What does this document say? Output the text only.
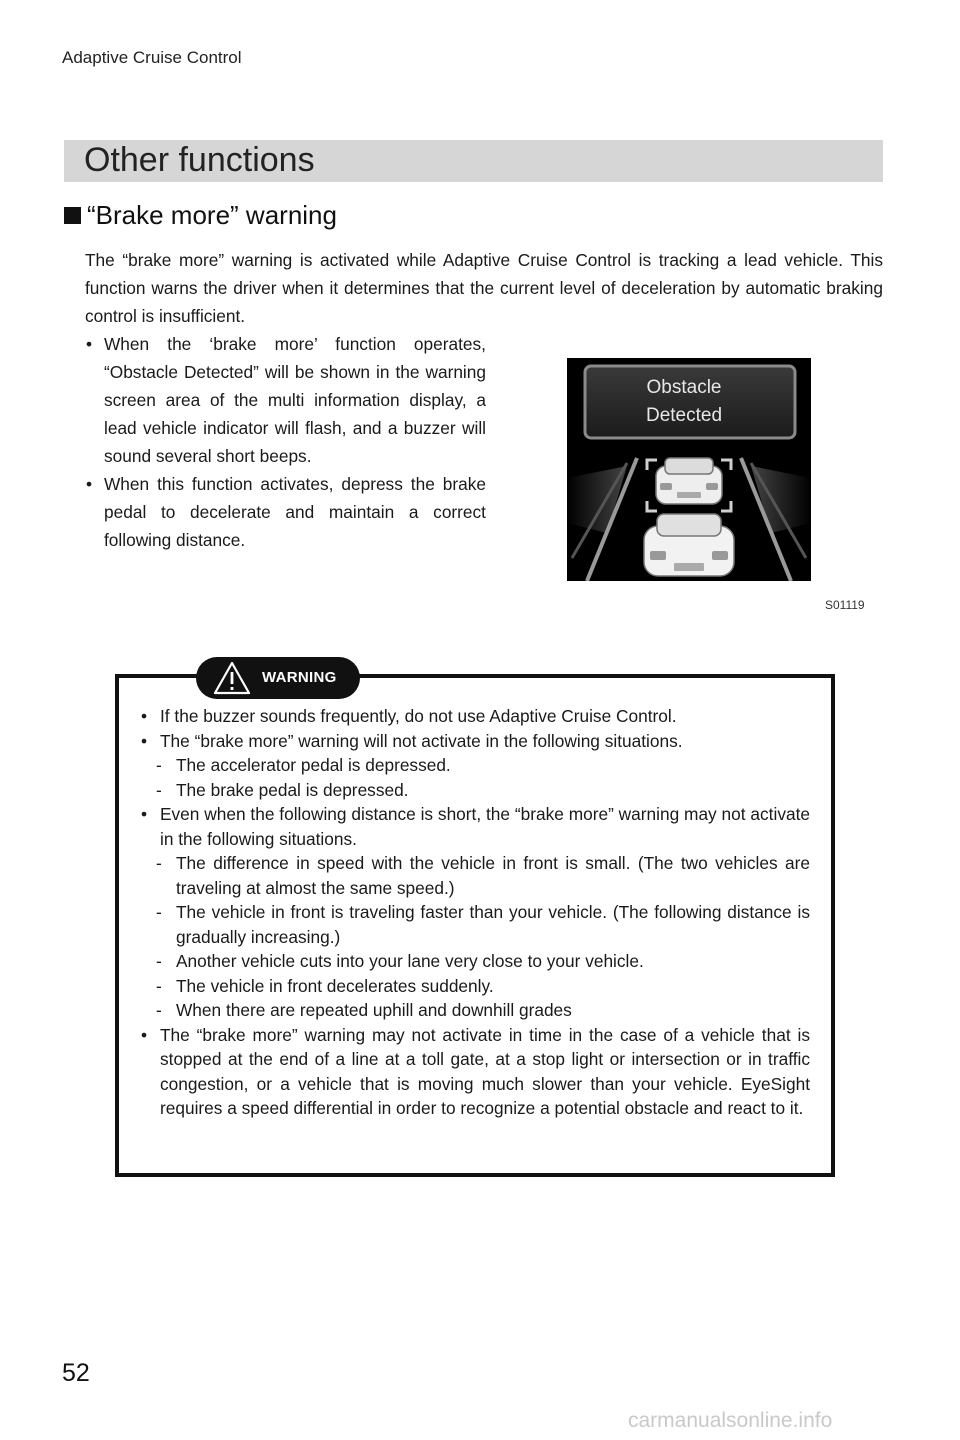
Adaptive Cruise Control
Other functions
“Brake more” warning
The “brake more” warning is activated while Adaptive Cruise Control is tracking a lead vehicle. This function warns the driver when it determines that the current level of deceleration by automatic braking control is insufficient.
• When the ‘brake more’ function operates, “Obstacle Detected” will be shown in the warning screen area of the multi information display, a lead vehicle indicator will flash, and a buzzer will sound several short beeps.
• When this function activates, depress the brake pedal to decelerate and maintain a correct following distance.
Obstacle
Detected
S01119
WARNING
• If the buzzer sounds frequently, do not use Adaptive Cruise Control.
• The “brake more” warning will not activate in the following situations.
- The accelerator pedal is depressed.
- The brake pedal is depressed.
• Even when the following distance is short, the “brake more” warning may not activate in the following situations.
- The difference in speed with the vehicle in front is small. (The two vehicles are traveling at almost the same speed.)
- The vehicle in front is traveling faster than your vehicle. (The following distance is gradually increasing.)
- Another vehicle cuts into your lane very close to your vehicle.
- The vehicle in front decelerates suddenly.
- When there are repeated uphill and downhill grades
• The “brake more” warning may not activate in time in the case of a vehicle that is stopped at the end of a line at a toll gate, at a stop light or intersection or in traffic congestion, or a vehicle that is moving much slower than your vehicle. EyeSight requires a speed differential in order to recognize a potential obstacle and react to it.
52
carmanualsonline.info
